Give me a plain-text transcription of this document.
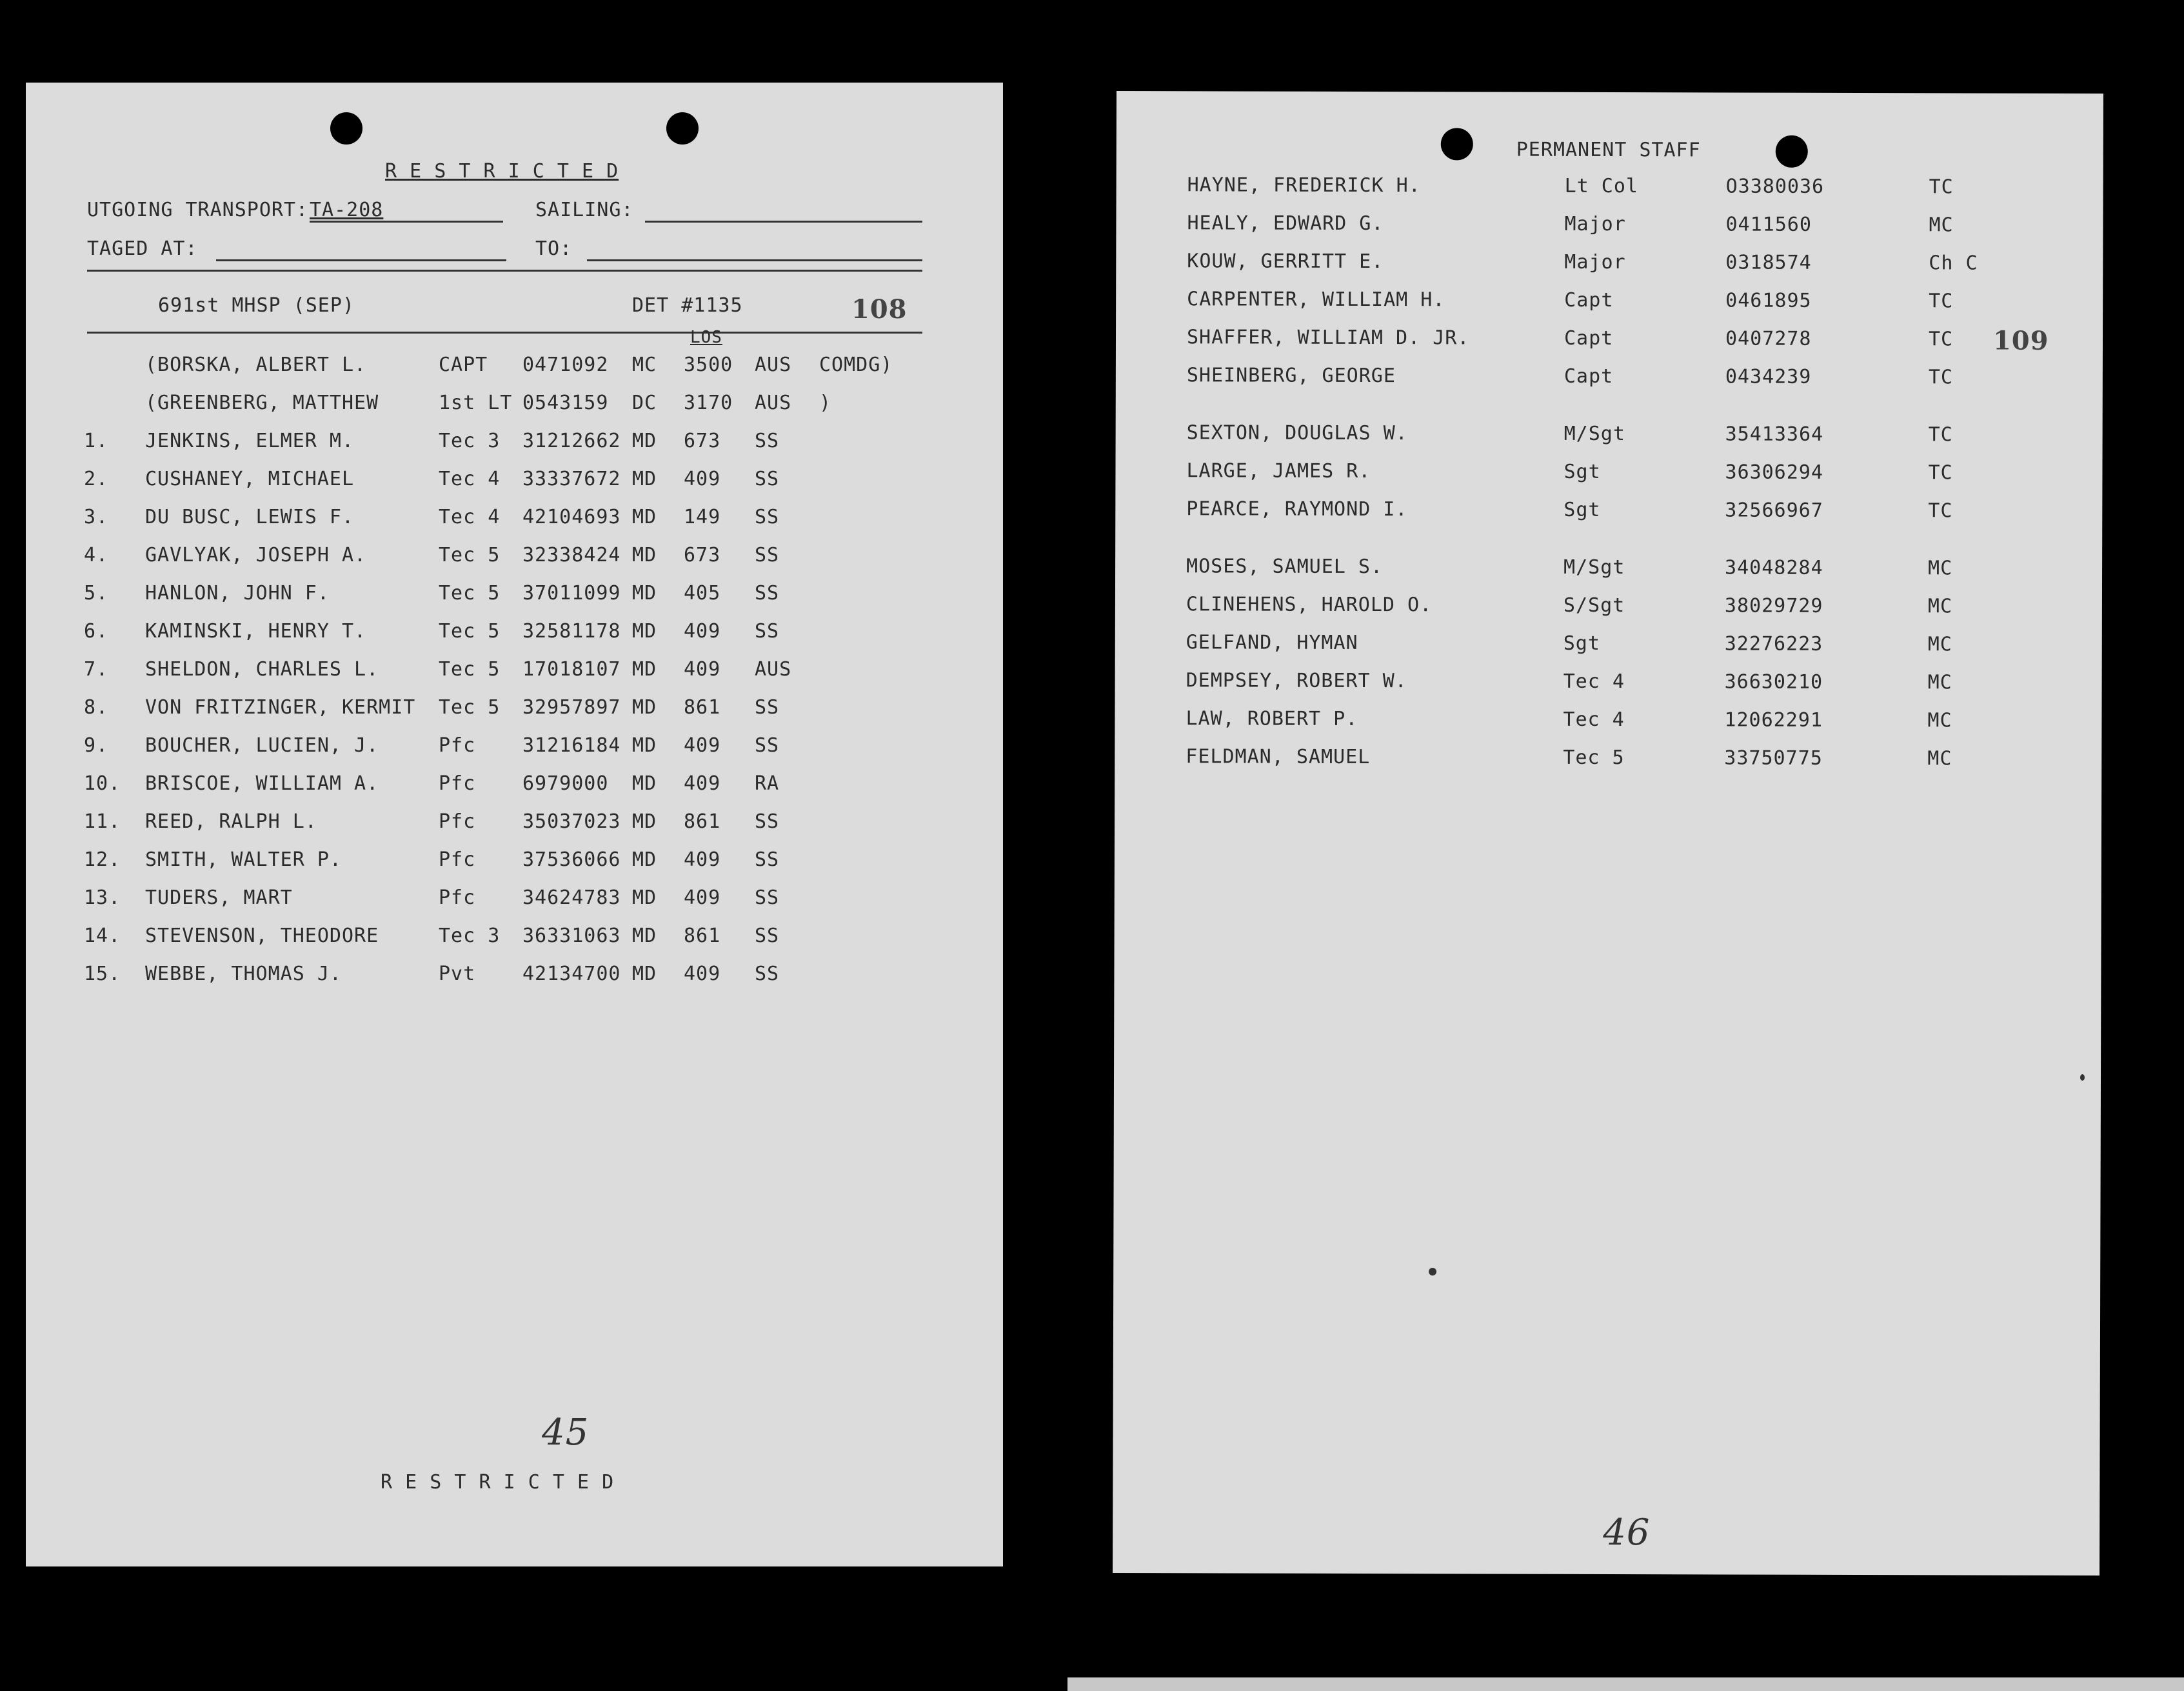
R E S T R I C T E D
UTGOING TRANSPORT: TA-208	SAILING:
TAGED AT:	TO:
691st MHSP (SEP)	DET #1135	108
LOS
(BORSKA, ALBERT L.	CAPT 0471092 MC 3500 AUS COMDG)
(GREENBERG, MATTHEW	1st LT 0543159 DC 3170 AUS )
1. JENKINS, ELMER M.	Tec 3 31212662 MD 673 SS
2. CUSHANEY, MICHAEL	Tec 4 33337672 MD 409 SS
3. DU BUSC, LEWIS F.	Tec 4 42104693 MD 149 SS
4. GAVLYAK, JOSEPH A.	Tec 5 32338424 MD 673 SS
5. HANLON, JOHN F.	Tec 5 37011099 MD 405 SS
6. KAMINSKI, HENRY T.	Tec 5 32581178 MD 409 SS
7. SHELDON, CHARLES L.	Tec 5 17018107 MD 409 AUS
8. VON FRITZINGER, KERMIT Tec 5 32957897 MD 861 SS
9. BOUCHER, LUCIEN, J.	Pfc 31216184 MD 409 SS
10. BRISCOE, WILLIAM A.	Pfc 6979000 MD 409 RA
11. REED, RALPH L.	Pfc 35037023 MD 861 SS
12. SMITH, WALTER P.	Pfc 37536066 MD 409 SS
13. TUDERS, MART	Pfc 34624783 MD 409 SS
14. STEVENSON, THEODORE	Tec 3 36331063 MD 861 SS
15. WEBBE, THOMAS J.	Pvt 42134700 MD 409 SS
45
R E S T R I C T E D
PERMANENT STAFF
109
HAYNE, FREDERICK H.	Lt Col	O3380036	TC
HEALY, EDWARD G.	Major	0411560	MC
KOUW, GERRITT E.	Major	0318574	Ch C
CARPENTER, WILLIAM H.	Capt	0461895	TC
SHAFFER, WILLIAM D. JR.	Capt	0407278	TC
SHEINBERG, GEORGE	Capt	0434239	TC
SEXTON, DOUGLAS W.	M/Sgt	35413364	TC
LARGE, JAMES R.	Sgt	36306294	TC
PEARCE, RAYMOND I.	Sgt	32566967	TC
MOSES, SAMUEL S.	M/Sgt	34048284	MC
CLINEHENS, HAROLD O.	S/Sgt	38029729	MC
GELFAND, HYMAN	Sgt	32276223	MC
DEMPSEY, ROBERT W.	Tec 4	36630210	MC
LAW, ROBERT P.	Tec 4	12062291	MC
FELDMAN, SAMUEL	Tec 5	33750775	MC
46
